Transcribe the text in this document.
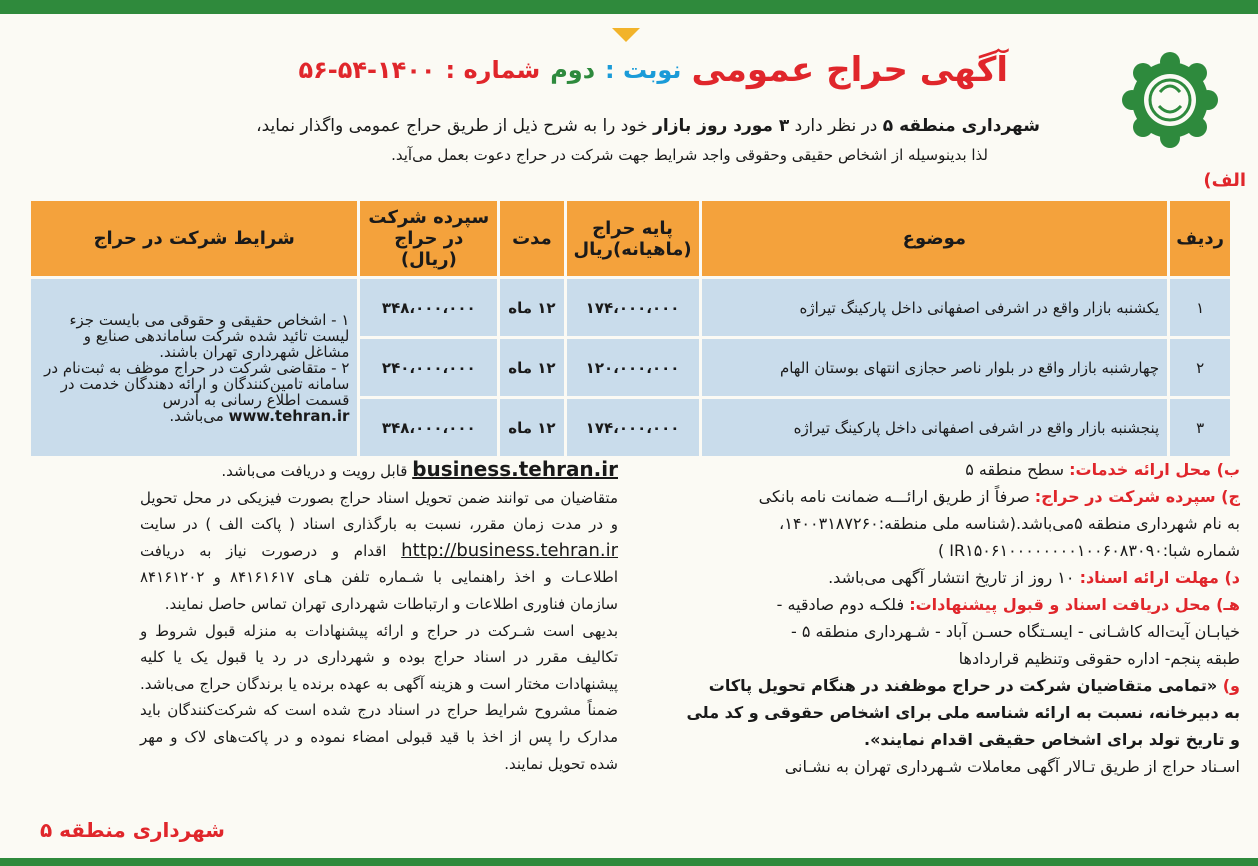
آگهی حراج عمومی
نوبت :
دوم
شماره :
۵۶-۵۴-۱۴۰۰
شهرداری منطقه ۵ در نظر دارد ۳ مورد روز بازار خود را به شرح ذیل از طریق حراج عمومی واگذار نماید،
لذا بدینوسیله از اشخاص حقیقی وحقوقی واجد شرایط جهت شرکت در حراج دعوت بعمل می‌آید.
الف)
ردیف	موضوع	پایه حراج (ماهیانه)ریال	مدت	سپرده شرکت در حراج (ریال)	شرایط شرکت در حراج
۱	یکشنبه بازار واقع در اشرفی اصفهانی داخل پارکینگ تیراژه	۱۷۴،۰۰۰،۰۰۰	۱۲ ماه	۳۴۸،۰۰۰،۰۰۰	۱ - اشخاص حقیقی و حقوقی می بایست جزء لیست تائید شده شرکت ساماندهی صنایع و مشاغل شهرداری تهران باشند.
۲ - متقاضی شرکت در حراج موظف به ثبت‌نام در سامانه تامین‌کنندگان و ارائه دهندگان خدمت در قسمت اطلاع رسانی به آدرس
www.tehran.ir می‌باشد.

۲	چهارشنبه بازار واقع در بلوار ناصر حجازی انتهای بوستان الهام	۱۲۰،۰۰۰،۰۰۰	۱۲ ماه	۲۴۰،۰۰۰،۰۰۰	
۳	پنجشنبه بازار واقع در اشرفی اصفهانی داخل پارکینگ تیراژه	۱۷۴،۰۰۰،۰۰۰	۱۲ ماه	۳۴۸،۰۰۰،۰۰۰	
ب) محل ارائه خدمات: سطح منطقه ۵
ج) سپرده شرکت در حراج: صرفاً از طریق ارائـــه ضمانت نامه بانکی
به نام شهرداری منطقه ۵می‌باشد.(شناسه ملی منطقه:۱۴۰۰۳۱۸۷۲۶۰،
شماره شبا:IR۱۵۰۶۱۰۰۰۰۰۰۰۰۱۰۰۶۰۸۳۰۹۰ )
د) مهلت ارائه اسناد: ۱۰ روز از تاریخ انتشار آگهی می‌باشد.
هـ) محل دریافت اسناد و قبول پیشنهادات: فلکـه دوم صادقیه -
خیابـان آیت‌اله کاشـانی - ایسـتگاه حسـن آباد - شـهرداری منطقه ۵ -
طبقه پنجم- اداره حقوقی وتنظیم قراردادها
و) «تمامی متقاضیان شرکت در حراج موظفند در هنگام تحویل پاکات
به دبیرخانه، نسبت به ارائه شناسه ملی برای اشخاص حقوقی و کد ملی
و تاریخ تولد برای اشخاص حقیقی اقدام نمایند».
اسـناد حراج از طریق تـالار آگهی معاملات شـهرداری تهران به نشـانی
business.tehran.ir قابل رویت و دریافت می‌باشد.
متقاضیان می توانند ضمن تحویل اسناد حراج بصورت فیزیکی در محل تحویل و در مدت زمان مقرر، نسبت به بارگذاری اسناد ( پاکت الف ) در سایت http://business.tehran.ir اقدام و درصورت نیاز به دریافت اطلاعـات و اخذ راهنمایی با شـماره تلفن هـای ۸۴۱۶۱۶۱۷ و ۸۴۱۶۱۲۰۲ سازمان فناوری اطلاعات و ارتباطات شهرداری تهران تماس حاصل نمایند.
بدیهی است شـرکت در حراج و ارائه پیشنهادات به منزله قبول شروط و تکالیف مقرر در اسناد حراج بوده و شهرداری در رد یا قبول یک یا کلیه پیشنهادات مختار است و هزینه آگهی به عهده برنده یا برندگان حراج می‌باشد. ضمناً مشروح شرایط حراج در اسناد درج شده است که شرکت‌کنندگان باید مدارک را پس از اخذ با قید قبولی امضاء نموده و در پاکت‌های لاک و مهر شده تحویل نمایند.
شهرداری منطقه ۵
